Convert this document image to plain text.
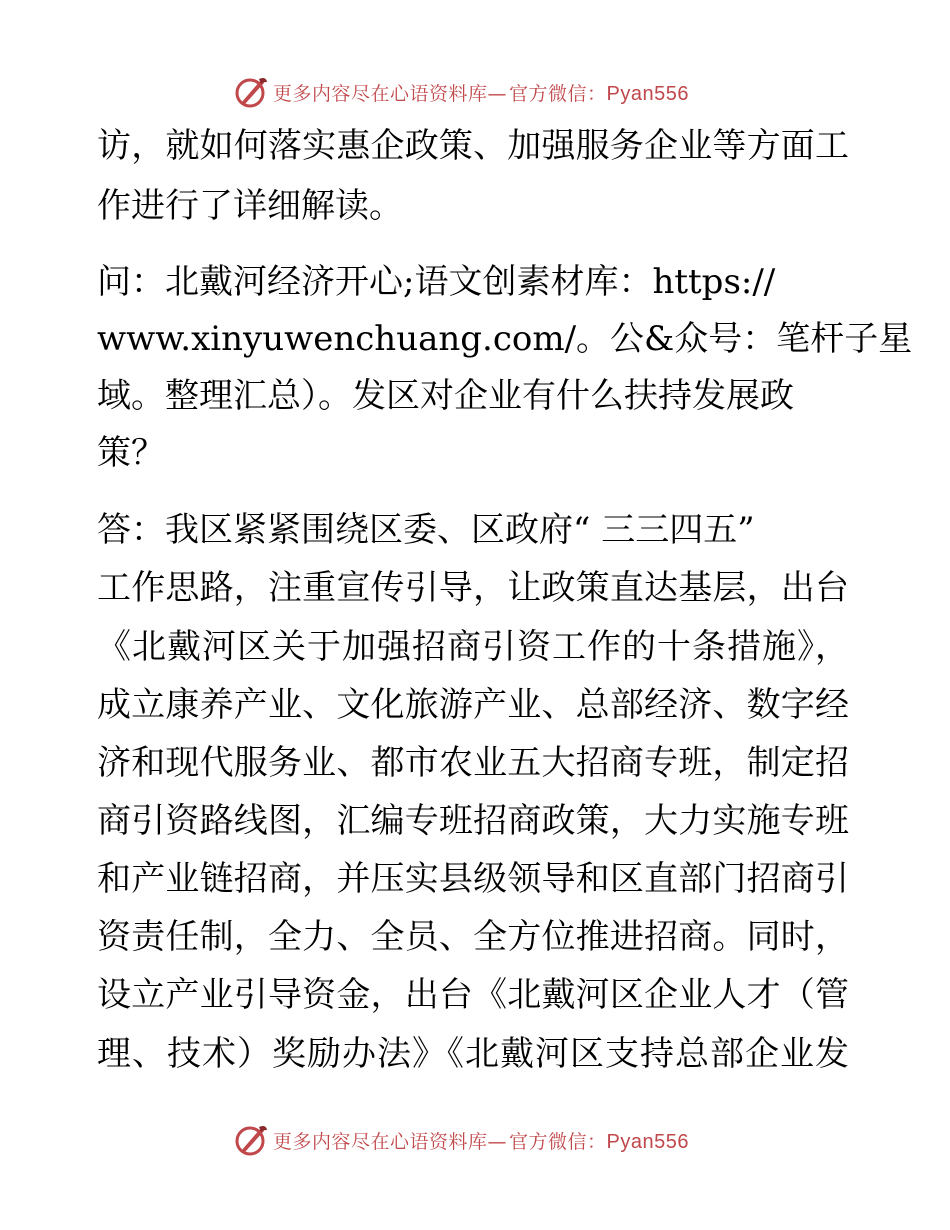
更多内容尽在心语资料库— 官方微信：Pyan556
访，就如何落实惠企政策、加强服务企业等方面工
作进行了详细解读。
问：北戴河经济开心;语文创素材库：https://
www.xinyuwenchuang.com/。公&众号：笔杆子星
域。整理汇总）。发区对企业有什么扶持发展政
策？
答：我区紧紧围绕区委、区政府“ 三三四五”
工作思路，注重宣传引导，让政策直达基层，出台
《北戴河区关于加强招商引资工作的十条措施》，
成立康养产业、文化旅游产业、总部经济、数字经
济和现代服务业、都市农业五大招商专班，制定招
商引资路线图，汇编专班招商政策，大力实施专班
和产业链招商，并压实县级领导和区直部门招商引
资责任制，全力、全员、全方位推进招商。同时，
设立产业引导资金，出台《北戴河区企业人才（管
理、技术）奖励办法》《北戴河区支持总部企业发
更多内容尽在心语资料库— 官方微信：Pyan556
